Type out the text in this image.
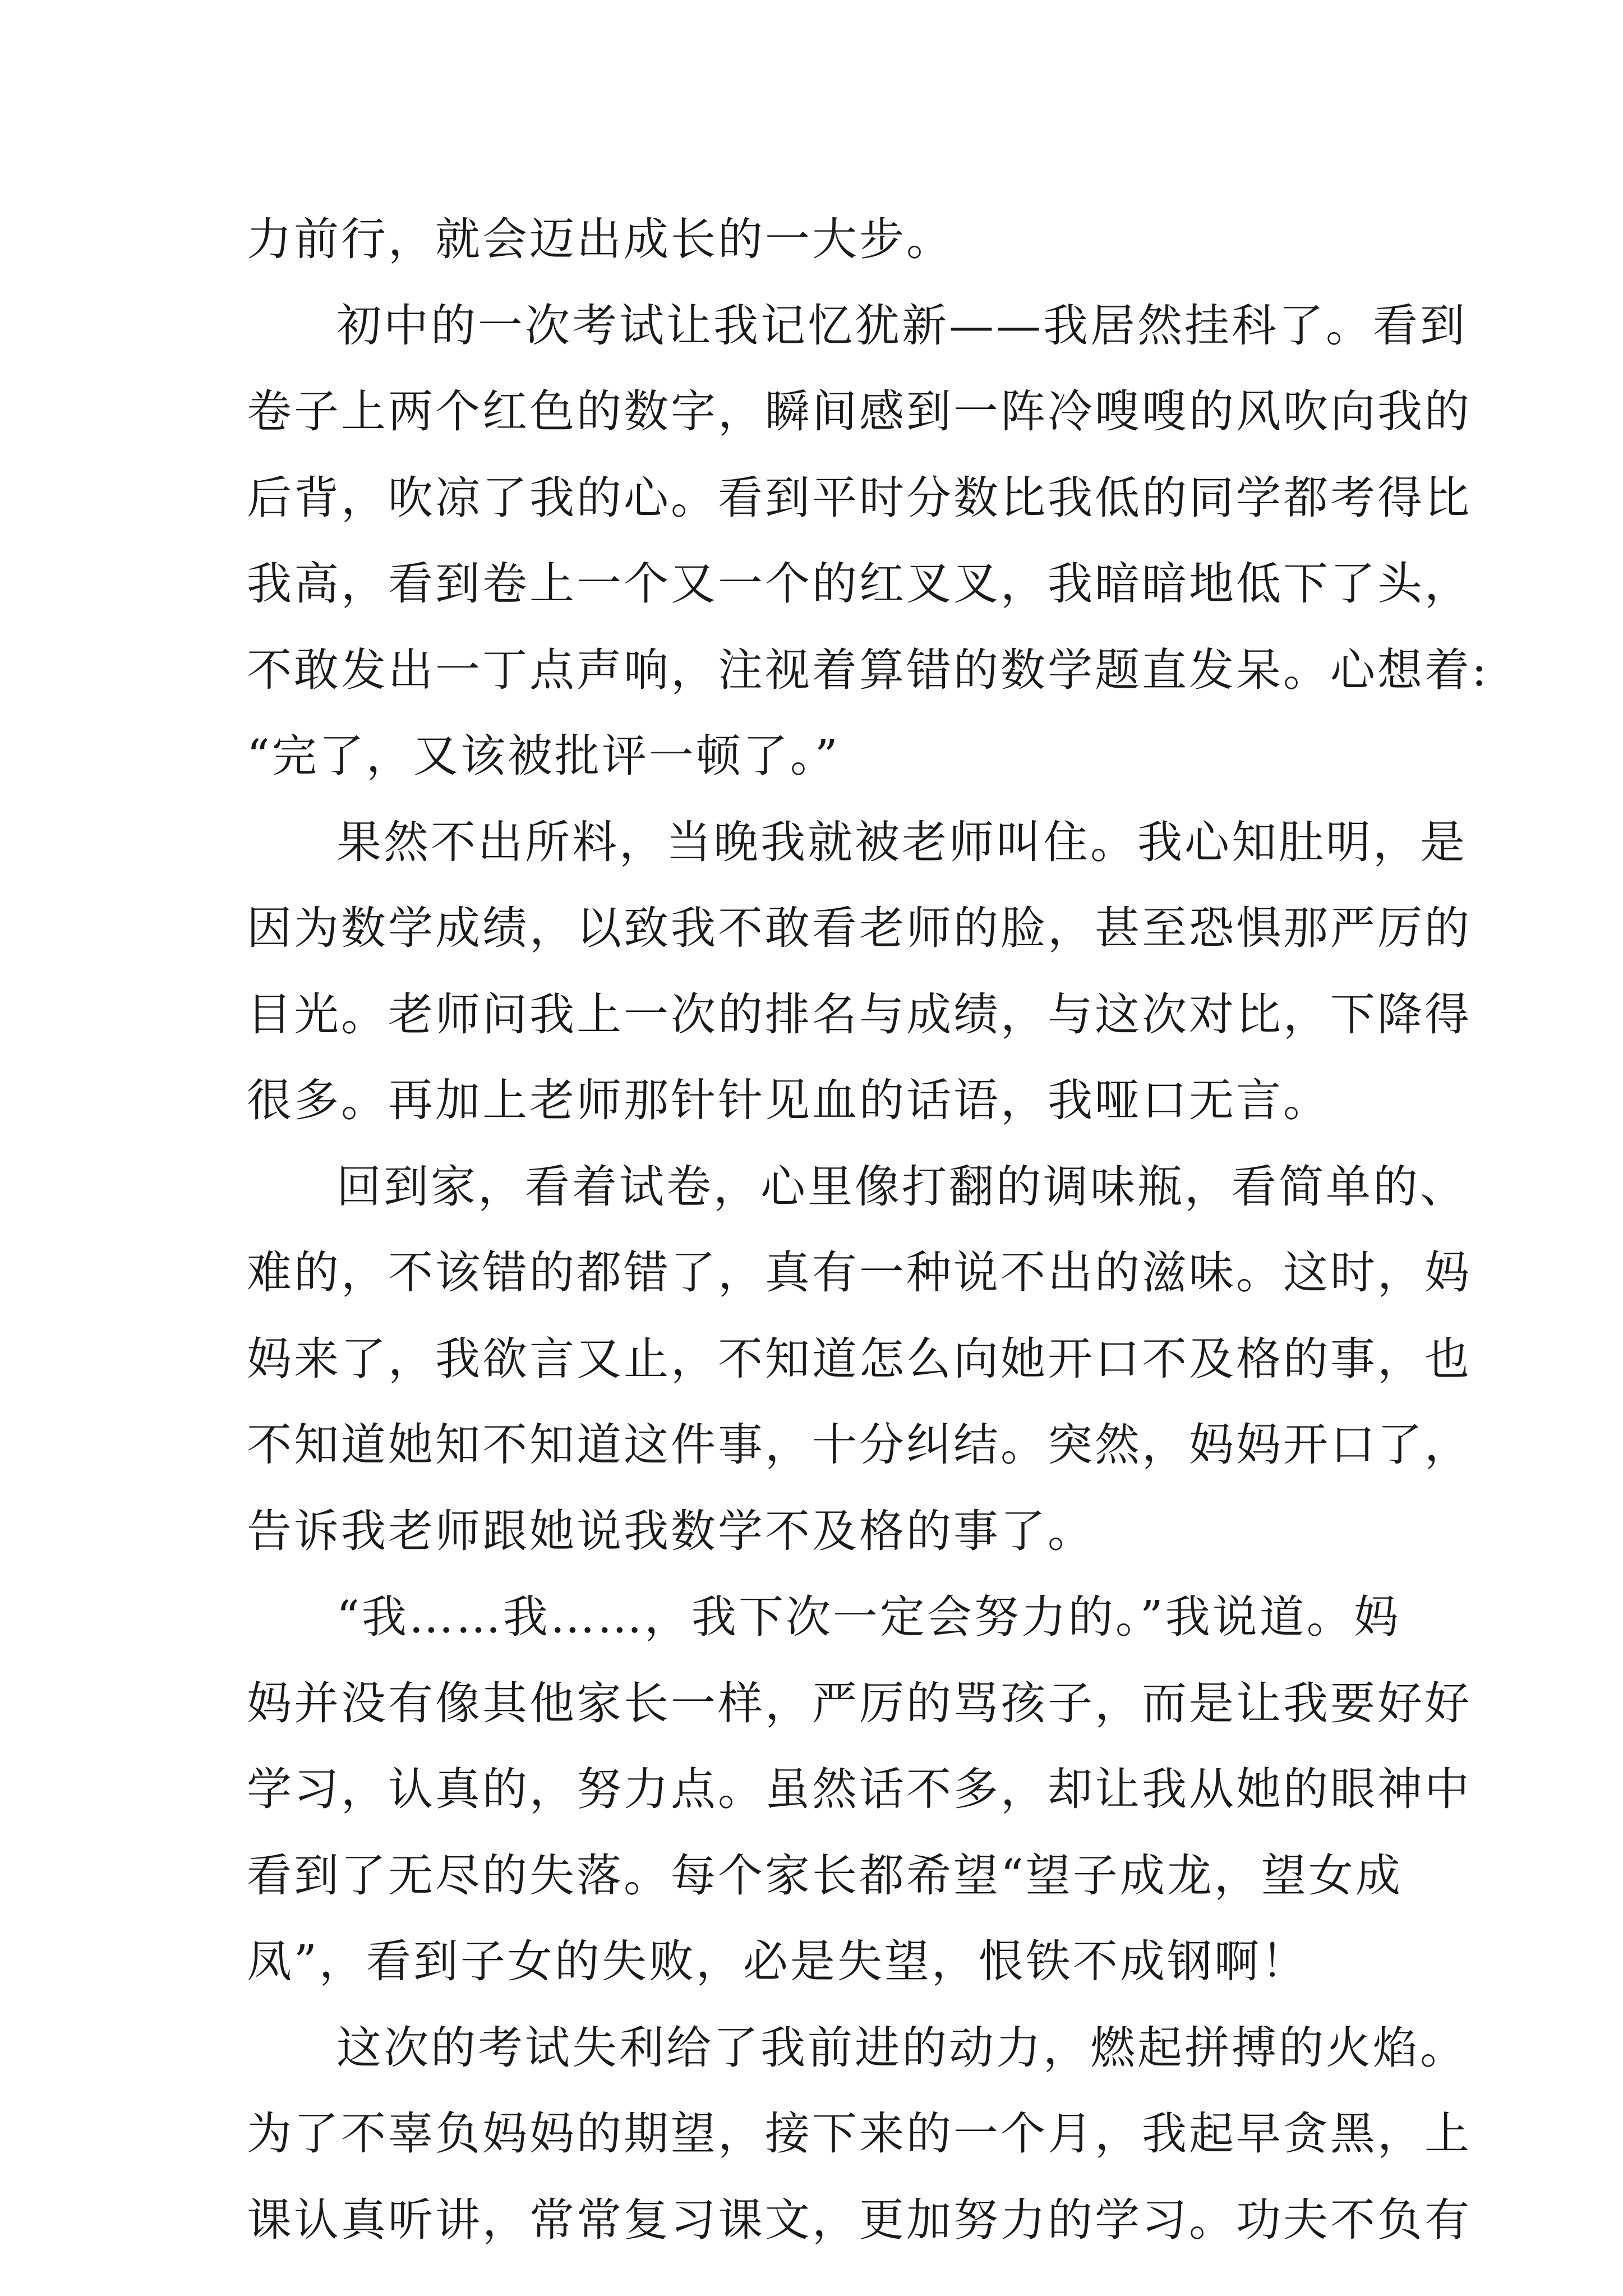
力前行，就会迈出成长的一大步。
初中的一次考试让我记忆犹新——我居然挂科了。看到
卷子上两个红色的数字，瞬间感到一阵冷嗖嗖的风吹向我的
后背，吹凉了我的心。看到平时分数比我低的同学都考得比
我高，看到卷上一个又一个的红叉叉，我暗暗地低下了头，
不敢发出一丁点声响，注视着算错的数学题直发呆。心想着:
“完了，又该被批评一顿了。”
果然不出所料，当晚我就被老师叫住。我心知肚明，是
因为数学成绩，以致我不敢看老师的脸，甚至恐惧那严厉的
目光。老师问我上一次的排名与成绩，与这次对比，下降得
很多。再加上老师那针针见血的话语，我哑口无言。
回到家，看着试卷，心里像打翻的调味瓶，看简单的、
难的，不该错的都错了，真有一种说不出的滋味。这时，妈
妈来了，我欲言又止，不知道怎么向她开口不及格的事，也
不知道她知不知道这件事，十分纠结。突然，妈妈开口了，
告诉我老师跟她说我数学不及格的事了。
“我……我……，我下次一定会努力的。”我说道。妈
妈并没有像其他家长一样，严厉的骂孩子，而是让我要好好
学习，认真的，努力点。虽然话不多，却让我从她的眼神中
看到了无尽的失落。每个家长都希望“望子成龙，望女成
凤”，看到子女的失败，必是失望，恨铁不成钢啊！
这次的考试失利给了我前进的动力，燃起拼搏的火焰。
为了不辜负妈妈的期望，接下来的一个月，我起早贪黑，上
课认真听讲，常常复习课文，更加努力的学习。功夫不负有
